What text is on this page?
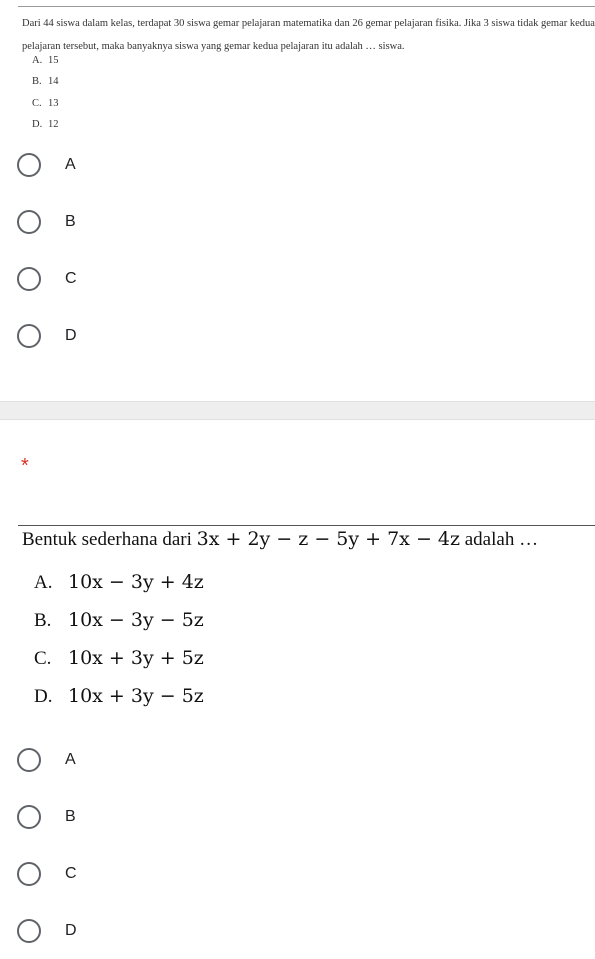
Dari 44 siswa dalam kelas, terdapat 30 siswa gemar pelajaran matematika dan 26 gemar pelajaran fisika. Jika 3 siswa tidak gemar kedua pelajaran tersebut, maka banyaknya siswa yang gemar kedua pelajaran itu adalah … siswa.
A. 15
B. 14
C. 13
D. 12
A
B
C
D
*
Bentuk sederhana dari 3x + 2y − z − 5y + 7x − 4z adalah …
A. 10x − 3y + 4z
B. 10x − 3y − 5z
C. 10x + 3y + 5z
D. 10x + 3y − 5z
A
B
C
D
